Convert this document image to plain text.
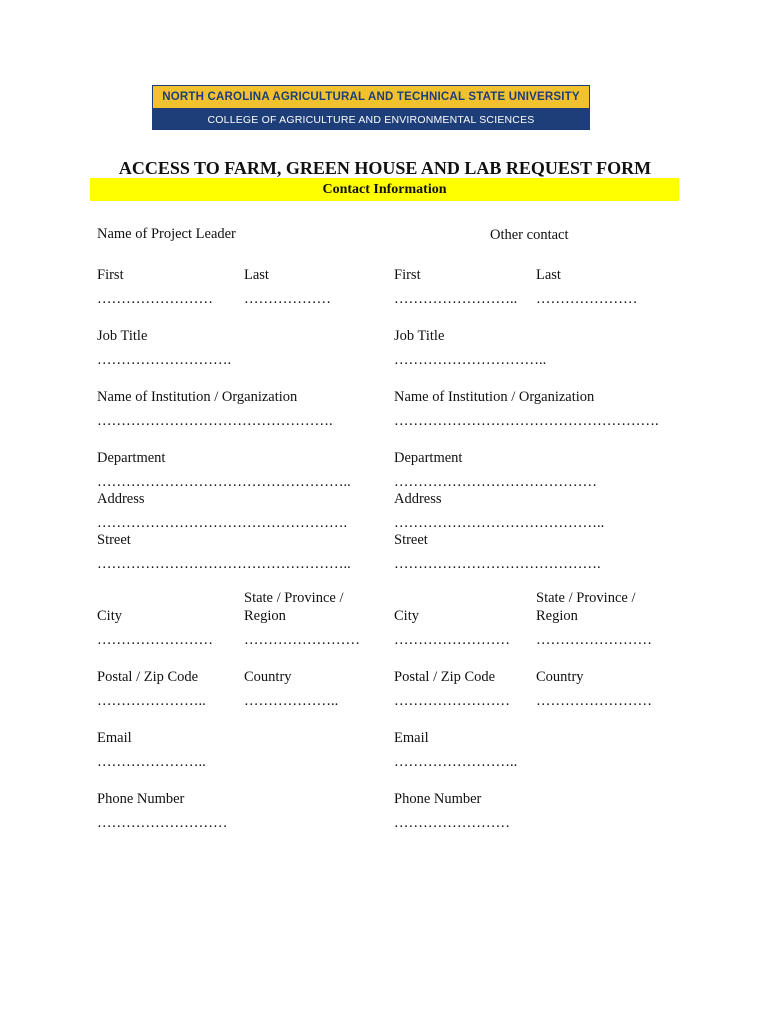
NORTH CAROLINA AGRICULTURAL AND TECHNICAL STATE UNIVERSITY
COLLEGE OF AGRICULTURE AND ENVIRONMENTAL SCIENCES
ACCESS TO FARM, GREEN HOUSE AND LAB REQUEST FORM
Contact Information
Name of Project Leader
First
……………………
Last
………………
Job Title
……………………….
Name of Institution / Organization
………………………………………….
Department
……………………………………………..
Address
…………………………………………….
Street
……………………………………………..
State / Province /
Region
City
…………………… ……………………
Postal / Zip Code
…………………..
Country
………………..
Email
…………………..
Phone Number
………………………
Other contact
First
……………………..
Last
…………………
Job Title
…………………………..
Name of Institution / Organization
……………………………………………….
Department
……………………………………
Address
……………………………………..
Street
…………………………………….
State / Province /
Region
City
…………………… ……………………
Postal / Zip Code
……………………
Country
……………………
Email
……………………..
Phone Number
……………………
